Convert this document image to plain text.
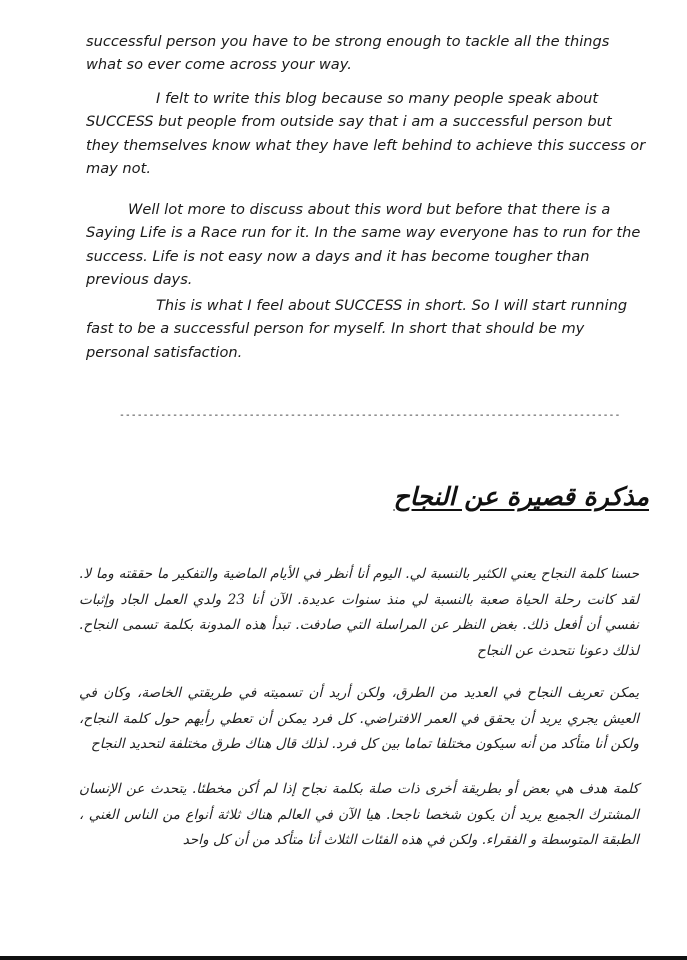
successful person you have to be strong enough to tackle all the things what so ever come across your way.

I felt to write this blog because so many people speak about SUCCESS but people from outside say that i am a successful person but they themselves know what they have left behind to achieve this success or may not.

Well lot more to discuss about this word but before that there is a Saying Life is a Race run for it. In the same way everyone has to run for the success. Life is not easy now a days and it has become tougher than previous days.

This is what I feel about SUCCESS in short. So I will start running fast to be a successful person for myself. In short that should be my personal satisfaction.

-------------------------------------------------------------------------------------
مذكرة قصيرة عن النجاح

حسنا كلمة النجاح يعني الكثير بالنسبة لي. اليوم أنا أنظر في الأيام الماضية والتفكير ما حققته وما لا. لقد كانت رحلة الحياة صعبة بالنسبة لي منذ سنوات عديدة. الآن أنا 23 ولدي العمل الجاد وإثبات نفسي أن أفعل ذلك. بغض النظر عن المراسلة التي صادفت. تبدأ هذه المدونة بكلمة تسمى النجاح. لذلك دعونا نتحدث عن النجاح

يمكن تعريف النجاح في العديد من الطرق، ولكن أريد أن تسميته في طريقتي الخاصة، وكان في العيش يجري يريد أن يحقق في العمر الافتراضي. كل فرد يمكن أن تعطي رأيهم حول كلمة النجاح، ولكن أنا متأكد من أنه سيكون مختلفا تماما بين كل فرد. لذلك قال هناك طرق مختلفة لتحديد النجاح

كلمة هدف هي بعض أو بطريقة أخرى ذات صلة بكلمة نجاح إذا لم أكن مخطئا. يتحدث عن الإنسان المشترك الجميع يريد أن يكون شخصا ناجحا. هيا الآن في العالم هناك ثلاثة أنواع من الناس الغني ، الطبقة المتوسطة و الفقراء. ولكن في هذه الفئات الثلاث أنا متأكد من أن كل واحد
